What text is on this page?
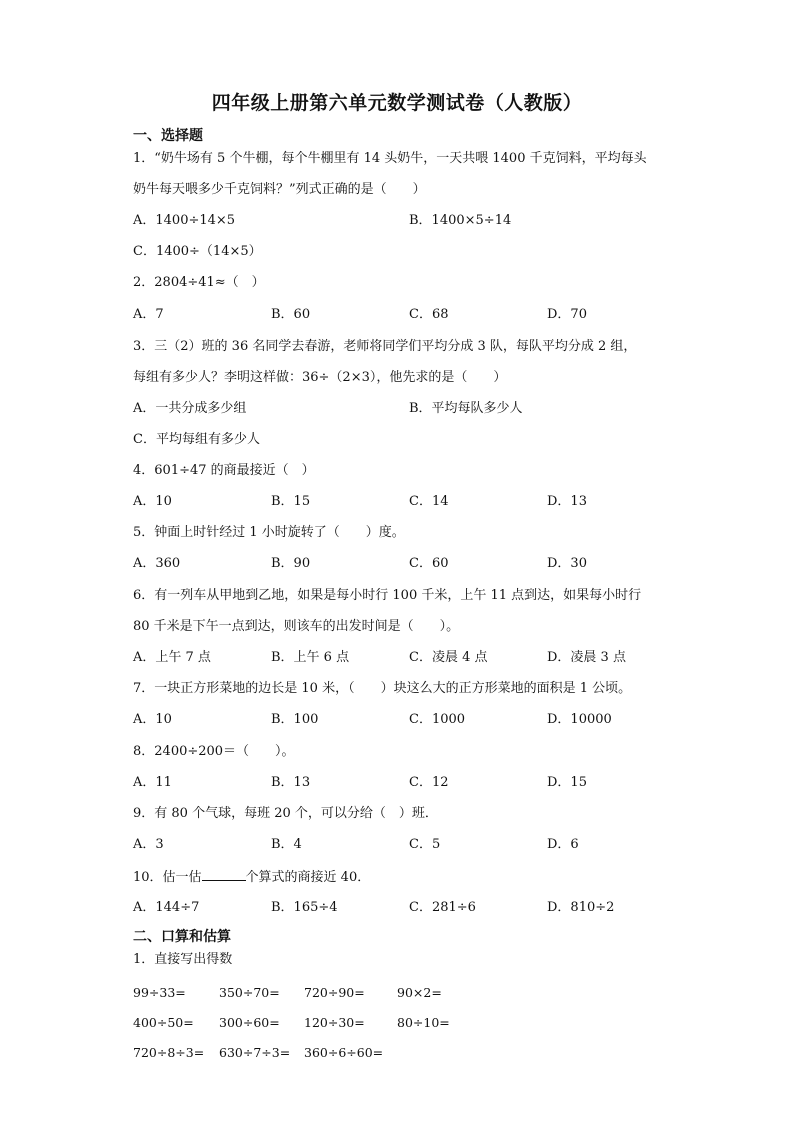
四年级上册第六单元数学测试卷（人教版）
一、选择题
1．“奶牛场有 5 个牛棚，每个牛棚里有 14 头奶牛，一天共喂 1400 千克饲料，平均每头
奶牛每天喂多少千克饲料？”列式正确的是（　　）
A．1400÷14×5	B．1400×5÷14
C．1400÷（14×5）
2．2804÷41≈（　）
A．7	B．60	C．68	D．70
3．三（2）班的 36 名同学去春游，老师将同学们平均分成 3 队，每队平均分成 2 组，
每组有多少人？李明这样做：36÷（2×3），他先求的是（　　）
A．一共分成多少组	B．平均每队多少人
C．平均每组有多少人
4．601÷47 的商最接近（　）
A．10	B．15	C．14	D．13
5．钟面上时针经过 1 小时旋转了（　　）度。
A．360	B．90	C．60	D．30
6．有一列车从甲地到乙地，如果是每小时行 100 千米，上午 11 点到达，如果每小时行
80 千米是下午一点到达，则该车的出发时间是（　　）。
A．上午 7 点	B．上午 6 点	C．凌晨 4 点	D．凌晨 3 点
7．一块正方形菜地的边长是 10 米，（　　）块这么大的正方形菜地的面积是 1 公顷。
A．10	B．100	C．1000	D．10000
8．2400÷200＝（　　）。
A．11	B．13	C．12	D．15
9．有 80 个气球，每班 20 个，可以分给（　）班．
A．3	B．4	C．5	D．6
10．估一估	个算式的商接近 40．
A．144÷7	B．165÷4	C．281÷6	D．810÷2
二、口算和估算
1．直接写出得数
99÷33=	350÷70= 720÷90=	90×2=
400÷50= 300÷60= 120÷30=	80÷10=
720÷8÷3= 630÷7÷3= 360÷6÷60=
